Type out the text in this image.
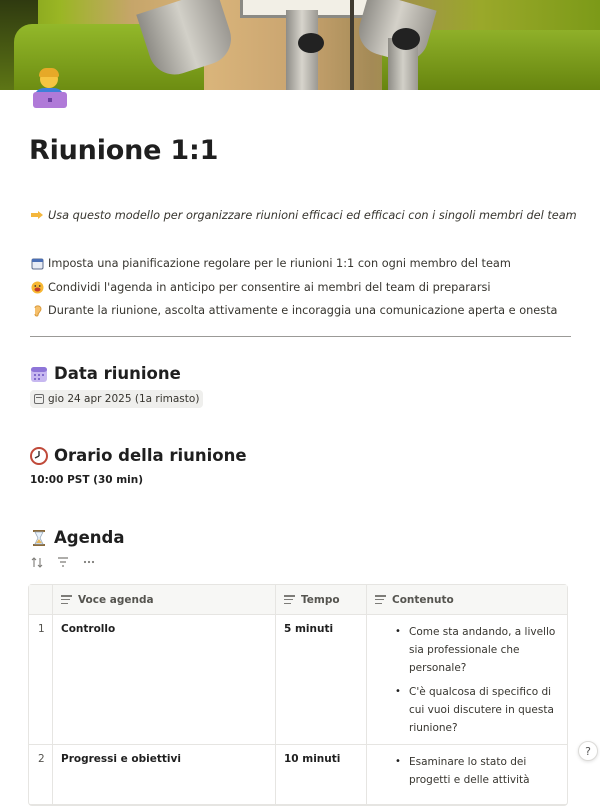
Riunione 1:1
Usa questo modello per organizzare riunioni efficaci ed efficaci con i singoli membri del team
Imposta una pianificazione regolare per le riunioni 1:1 con ogni membro del team
Condividi l'agenda in anticipo per consentire ai membri del team di prepararsi
Durante la riunione, ascolta attivamente e incoraggia una comunicazione aperta e onesta
Data riunione
gio 24 apr 2025 (1a rimasto)
Orario della riunione
10:00 PST (30 min)
Agenda
Voce agenda	Tempo	Contenuto
1	Controllo	5 minuti	• Come sta andando, a livello sia professionale che personale?
• C'è qualcosa di specifico di cui vuoi discutere in questa riunione?
2	Progressi e obiettivi	10 minuti	• Esaminare lo stato dei progetti e delle attività
?
